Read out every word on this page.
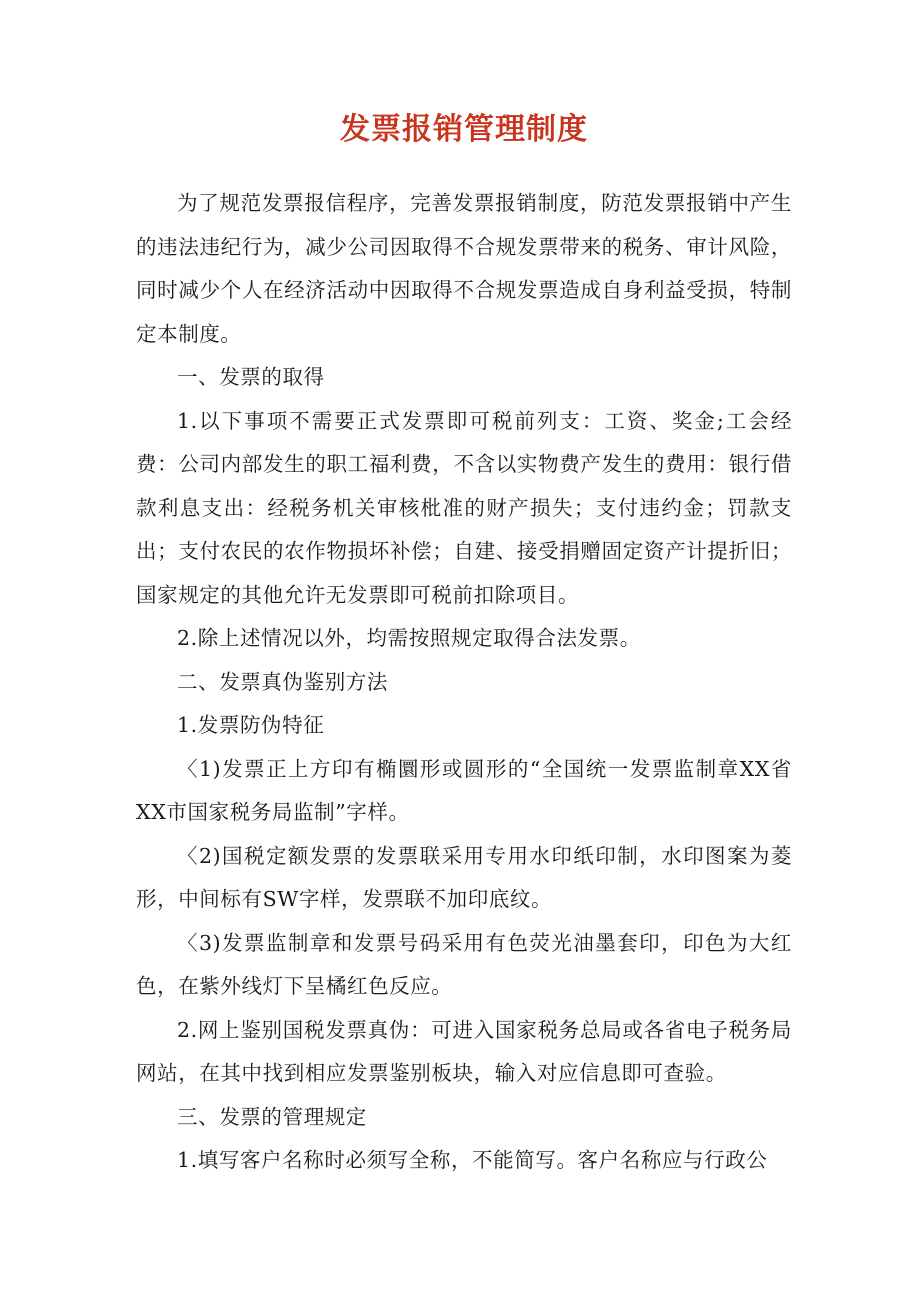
发票报销管理制度

为了规范发票报信程序，完善发票报销制度，防范发票报销中产生的违法违纪行为，减少公司因取得不合规发票带来的税务、审计风险，同时减少个人在经济活动中因取得不合规发票造成自身利益受损，特制定本制度。

一、发票的取得

1.以下事项不需要正式发票即可税前列支：工资、奖金;工会经费：公司内部发生的职工福利费，不含以实物费产发生的费用：银行借款利息支出：经税务机关审核枇准的财产损失；支付违约金；罚款支出；支付农民的农作物损坏补偿；自建、接受捐赠固定资产计提折旧；国家规定的其他允许无发票即可税前扣除项目。

2.除上述情况以外，均需按照规定取得合法发票。

二、发票真伪鉴别方法

1.发票防伪特征

〈1)发票正上方印有椭圜形或圆形的“全国统一发票监制章XX省XX市国家税务局监制”字样。

〈2)国税定额发票的发票联采用专用水印纸印制，水印图案为菱形，中间标有SW字样，发票联不加印底纹。

〈3)发票监制章和发票号码采用有色荧光油墨套印，印色为大红色，在紫外线灯下呈橘红色反应。

2.网上鉴别国税发票真伪：可进入国家税务总局或各省电子税务局网站，在其中找到相应发票鉴别板块，输入对应信息即可查验。

三、发票的管理规定

1.填写客户名称时必须写全称，不能简写。客户名称应与行政公
